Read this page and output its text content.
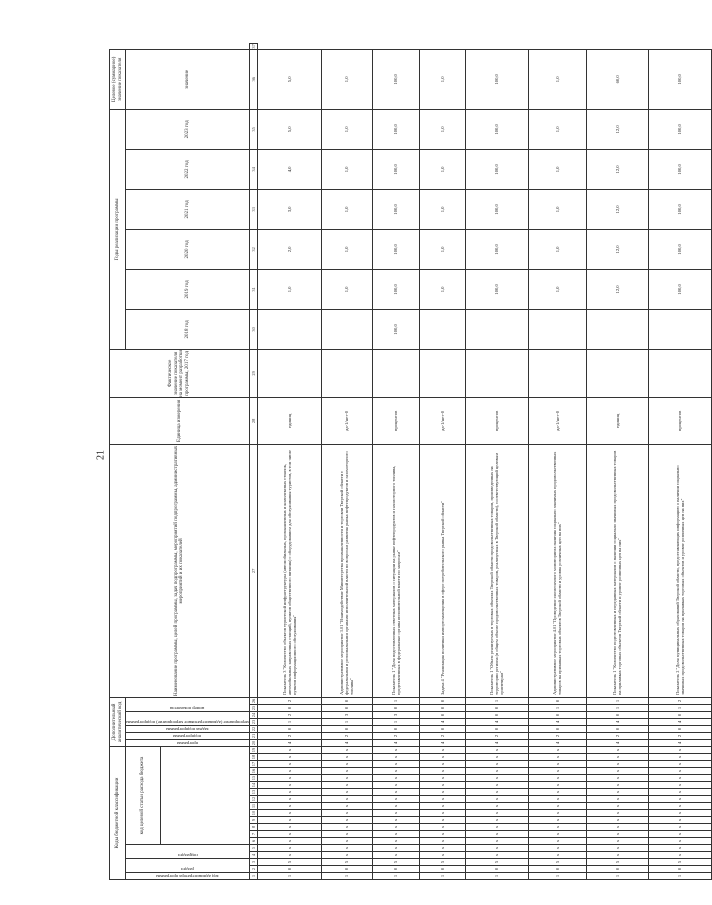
21
Коды бюджетной классификации																			Дополнительный аналитический код							Наименование программы, целей программы, задач подпрограммы, мероприятий подпрограммы, административных мероприятий и их показателей	Единица измерения	Фактическое значение показателя на момент разработки программы, 2017 год	Годы реализации программы						Целевое (суммарное) значение показателя	

код администратора программы	раздел		подраздел		код целевой статьи расхода бюджета														программа	подпрограмма	задача подпрограммы	мероприятие (административное мероприятие) подпрограммы		номер показателя					2018 год	2019 год	2020 год	2021 год	2022 год	2023 год	значение	

1	2	3	4	5	6	7	8	9	10	11	12	13	14	15	16	17	18	19	20	21	22	23	24	25	26	27	28	29	30	31	32	33	34	35	36	37
1	0	5	х	х	х	х	х	х	х	х	х	х	х	х	х	х	х	х	4	2	0	1	2	0	2	Показатель 3 "Количество объектов туристской инфраструктуры (автомобильных, промышленных и комплексных стоянок, автомобильных заправочных станций, пунктов общественного питания) с оборудованием для обслуживания туристов, в том числе пунктов информационного обслуживания"	единиц			1,0	2,0	3,0	4,0	5,0	5,0	
1	0	5	х	х	х	х	х	х	х	х	х	х	х	х	х	х	х	х	4	2	0	1	3	0	0	Административное мероприятие 3.01 "Взаимодействие Министерства промышленности и торговли Тверской области с федеральными и региональными органами исполнительной власти по вопросам развития рынка нефтепродуктов и газомоторного топлива"	да-1/нет-0			1,0	1,0	1,0	1,0	1,0	1,0	
1	0	5	х	х	х	х	х	х	х	х	х	х	х	х	х	х	х	х	4	2	0	1	3	0	1	Показатель 1 "Доля подготовленных ответных материалов о ситуации на рынке нефтепродуктов и газомоторного топлива, представленных в федеральные органы исполнительной власти по запросам"	процентов		100,0	100,0	100,0	100,0	100,0	100,0	100,0	
1	0	5	х	х	х	х	х	х	х	х	х	х	х	х	х	х	х	х	4	2	0	4	0	0	0	Задача 4 "Реализация политики импортозамещения в сфере потребительского рынка Тверской области"	да-1/нет-0			1,0	1,0	1,0	1,0	1,0	1,0	
1	0	5	х	х	х	х	х	х	х	х	х	х	х	х	х	х	х	х	4	2	0	4	0	0	1	Показатель 1 "Объем реализуемых в торговых объектах Тверской области продовольственных товаров, произведенных на территории региона (в общем объеме продовольственных товаров, реализуемых в Тверской области), соответствующий целевым ориентирам"	процентов			100,0	100,0	100,0	100,0	100,0	100,0	
1	0	5	х	х	х	х	х	х	х	х	х	х	х	х	х	х	х	х	4	2	0	4	0	1	0	Административное мероприятие 4.01 "Проведение ежемесячного мониторинга наличия социально значимых продовольственных товаров на прилавках торговых объектов Тверской области и уровня розничных цен на них"	да-1/нет-0			1,0	1,0	1,0	1,0	1,0	1,0	
1	0	5	х	х	х	х	х	х	х	х	х	х	х	х	х	х	х	х	4	2	0	4	0	1	1	Показатель 1 "Количество подготовленных и переданных материалов о наличии социально значимых продовольственных товаров на прилавках торговых объектов Тверской области и уровне розничных цен на них"	единиц			12,0	12,0	12,0	12,0	12,0	60,0	
1	0	5	х	х	х	х	х	х	х	х	х	х	х	х	х	х	х	х	4	2	0	4	0	1	2	Показатель 2 "Доля муниципальных образований Тверской области, предоставляющих информацию о наличии социально значимых продовольственных товаров на прилавках торговых объектов и уровне розничных цен на них"	процентов			100,0	100,0	100,0	100,0	100,0	100,0	
